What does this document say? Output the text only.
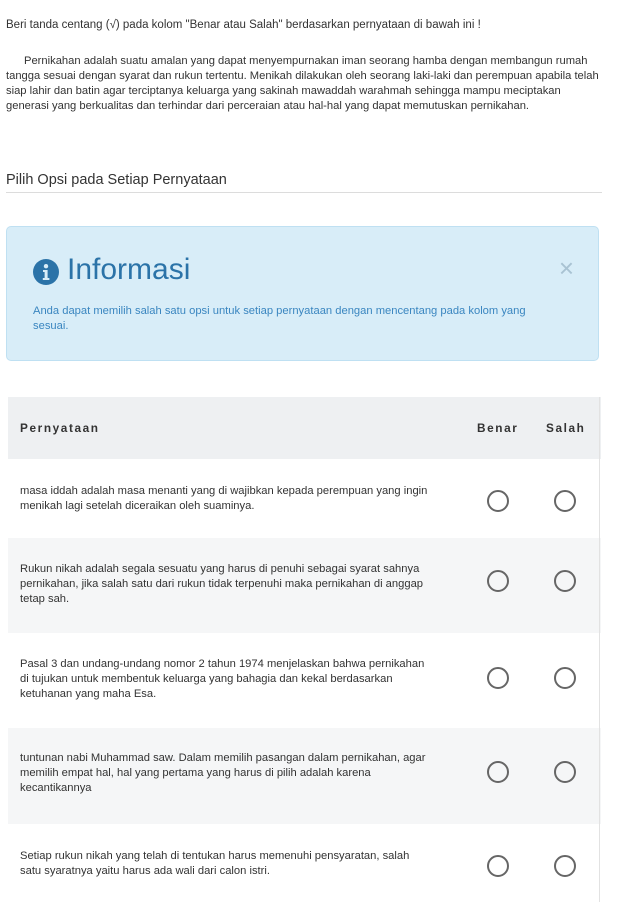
Beri tanda centang (√) pada kolom "Benar atau Salah" berdasarkan pernyataan di bawah ini !
Pernikahan adalah suatu amalan yang dapat menyempurnakan iman seorang hamba dengan membangun rumah tangga sesuai dengan syarat dan rukun tertentu. Menikah dilakukan oleh seorang laki-laki dan perempuan apabila telah siap lahir dan batin agar terciptanya keluarga yang sakinah mawaddah warahmah sehingga mampu meciptakan generasi yang berkualitas dan terhindar dari perceraian atau hal-hal yang dapat memutuskan pernikahan.
Pilih Opsi pada Setiap Pernyataan
Informasi	×
Anda dapat memilih salah satu opsi untuk setiap pernyataan dengan mencentang pada kolom yang sesuai.
Pernyataan	Benar Salah
masa iddah adalah masa menanti yang di wajibkan kepada perempuan yang ingin menikah lagi setelah diceraikan oleh suaminya.
Rukun nikah adalah segala sesuatu yang harus di penuhi sebagai syarat sahnya pernikahan, jika salah satu dari rukun tidak terpenuhi maka pernikahan di anggap tetap sah.
Pasal 3 dan undang-undang nomor 2 tahun 1974 menjelaskan bahwa pernikahan di tujukan untuk membentuk keluarga yang bahagia dan kekal berdasarkan ketuhanan yang maha Esa.
tuntunan nabi Muhammad saw. Dalam memilih pasangan dalam pernikahan, agar memilih empat hal, hal yang pertama yang harus di pilih adalah karena kecantikannya
Setiap rukun nikah yang telah di tentukan harus memenuhi pensyaratan, salah satu syaratnya yaitu harus ada wali dari calon istri.
